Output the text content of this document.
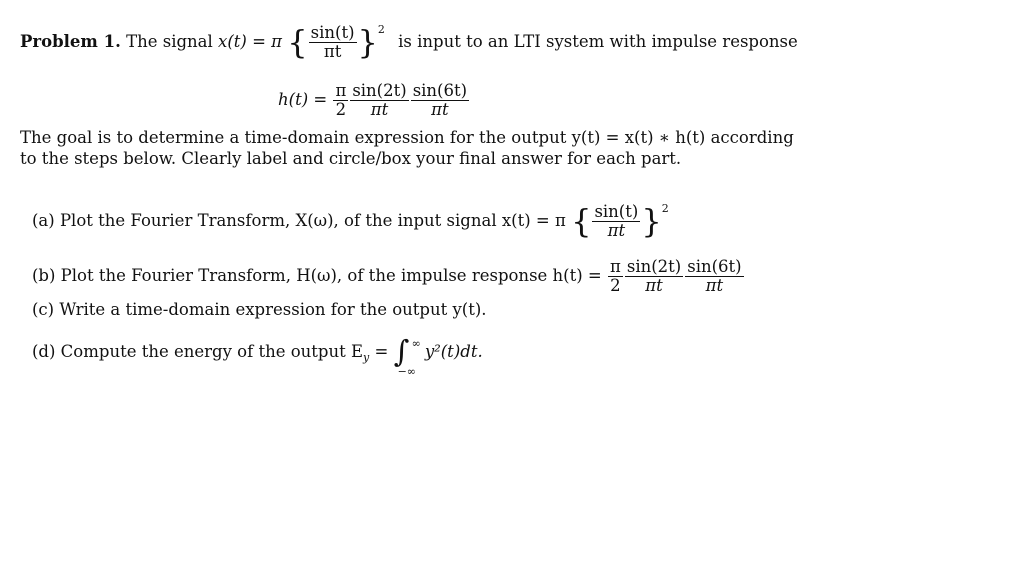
Problem 1. The signal x(t) = π { $\frac{\sin(t)}{\pi t} \}^2$ is input to an LTI system with impulse response
$h(t) = \frac{\pi}{2} \frac{\sin(2t)}{\pi t} \frac{\sin(6t)}{\pi t}$
The goal is to determine a time-domain expression for the output y(t) = x(t) ∗ h(t) according
to the steps below. Clearly label and circle/box your final answer for each part.
(a) Plot the Fourier Transform, X(ω), of the input signal x(t) = π { $\frac{\sin(t)}{\pi t} \}^2$
(b) Plot the Fourier Transform, H(ω), of the impulse response $h(t) = \frac{\pi}{2} \frac{\sin(2t)}{\pi t} \frac{\sin(6t)}{\pi t}$
(c) Write a time-domain expression for the output y(t).
(d) Compute the energy of the output $E_y$ = ∫ ∞
−∞
y²(t)dt.
